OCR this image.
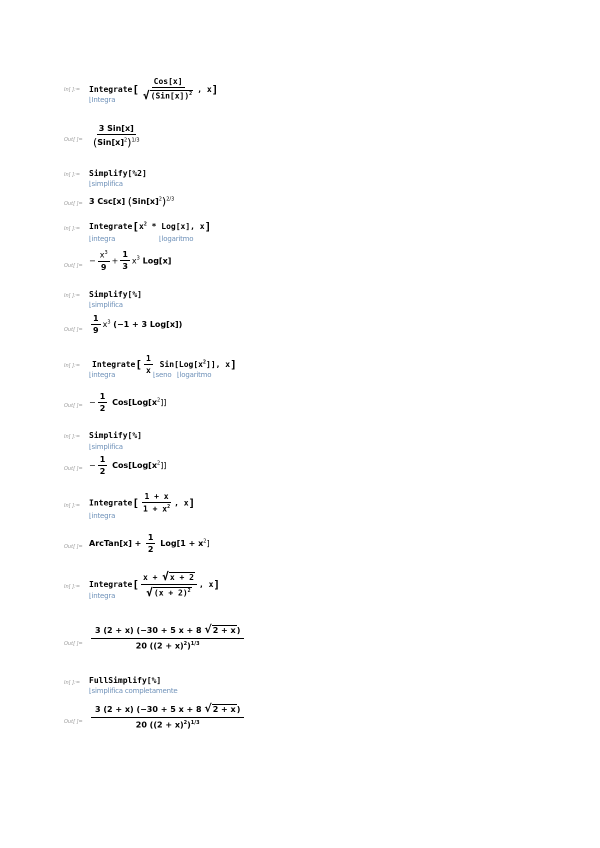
In[ ]:= Integrate[ $\frac{\text{Cos[x]}}{√(Sin[x])^2}$ , x]
⌊Integra
Out[ ]= $\frac{\text{3 Sin[x]}}{(Sin[x]^2)^{1/3}}$
In[ ]:= Simplify[%2]
⌊simplifica
Out[ ]= 3 Csc[x] $(Sin[x]^2)^{2/3}$
In[ ]:= $Integrate[x^2 * Log[x]$, x]
⌊integra	⌊logaritmo
Out[ ]=
− $\frac{x^3}{9} + \frac{1}{3} x^3$ Log[x]
In[ ]:= Simplify[%]
⌊simplifica
Out[ ]= $\frac{1}{9} x^3$ (−1 + 3 Log[x])
In[ ]:= Integrate[ $\frac{1}{x} Sin[Log[x^2]]$, x]
⌊integra	⌊seno ⌊logaritmo
Out[ ]= − $\frac{1}{2} Cos[Log[x^2]]$
In[ ]:= Simplify[%]
⌊simplifica
Out[ ]= − $\frac{1}{2} Cos[Log[x^2]]$
In[ ]:= Integrate[ $\frac{1 + x}{1 + x^2}$ , x]
⌊integra
Out[ ]= ArcTan[x] + $\frac{1}{2} Log[1 + x^2]$
In[ ]:= Integrate[ $\frac{x + √x + 2}{√(x + 2)^2}$ , x]
⌊integra
Out[ ]= $\frac{3 (2 + x) (-30 + 5 x + 8 √2 + x)}{20 ((2 + x)^2)^{1/3}}$
In[ ]:= FullSimplify[%]
⌊simplifica completamente
Out[ ]= $\frac{3 (2 + x) (-30 + 5 x + 8 √2 + x)}{20 ((2 + x)^2)^{1/3}}$
